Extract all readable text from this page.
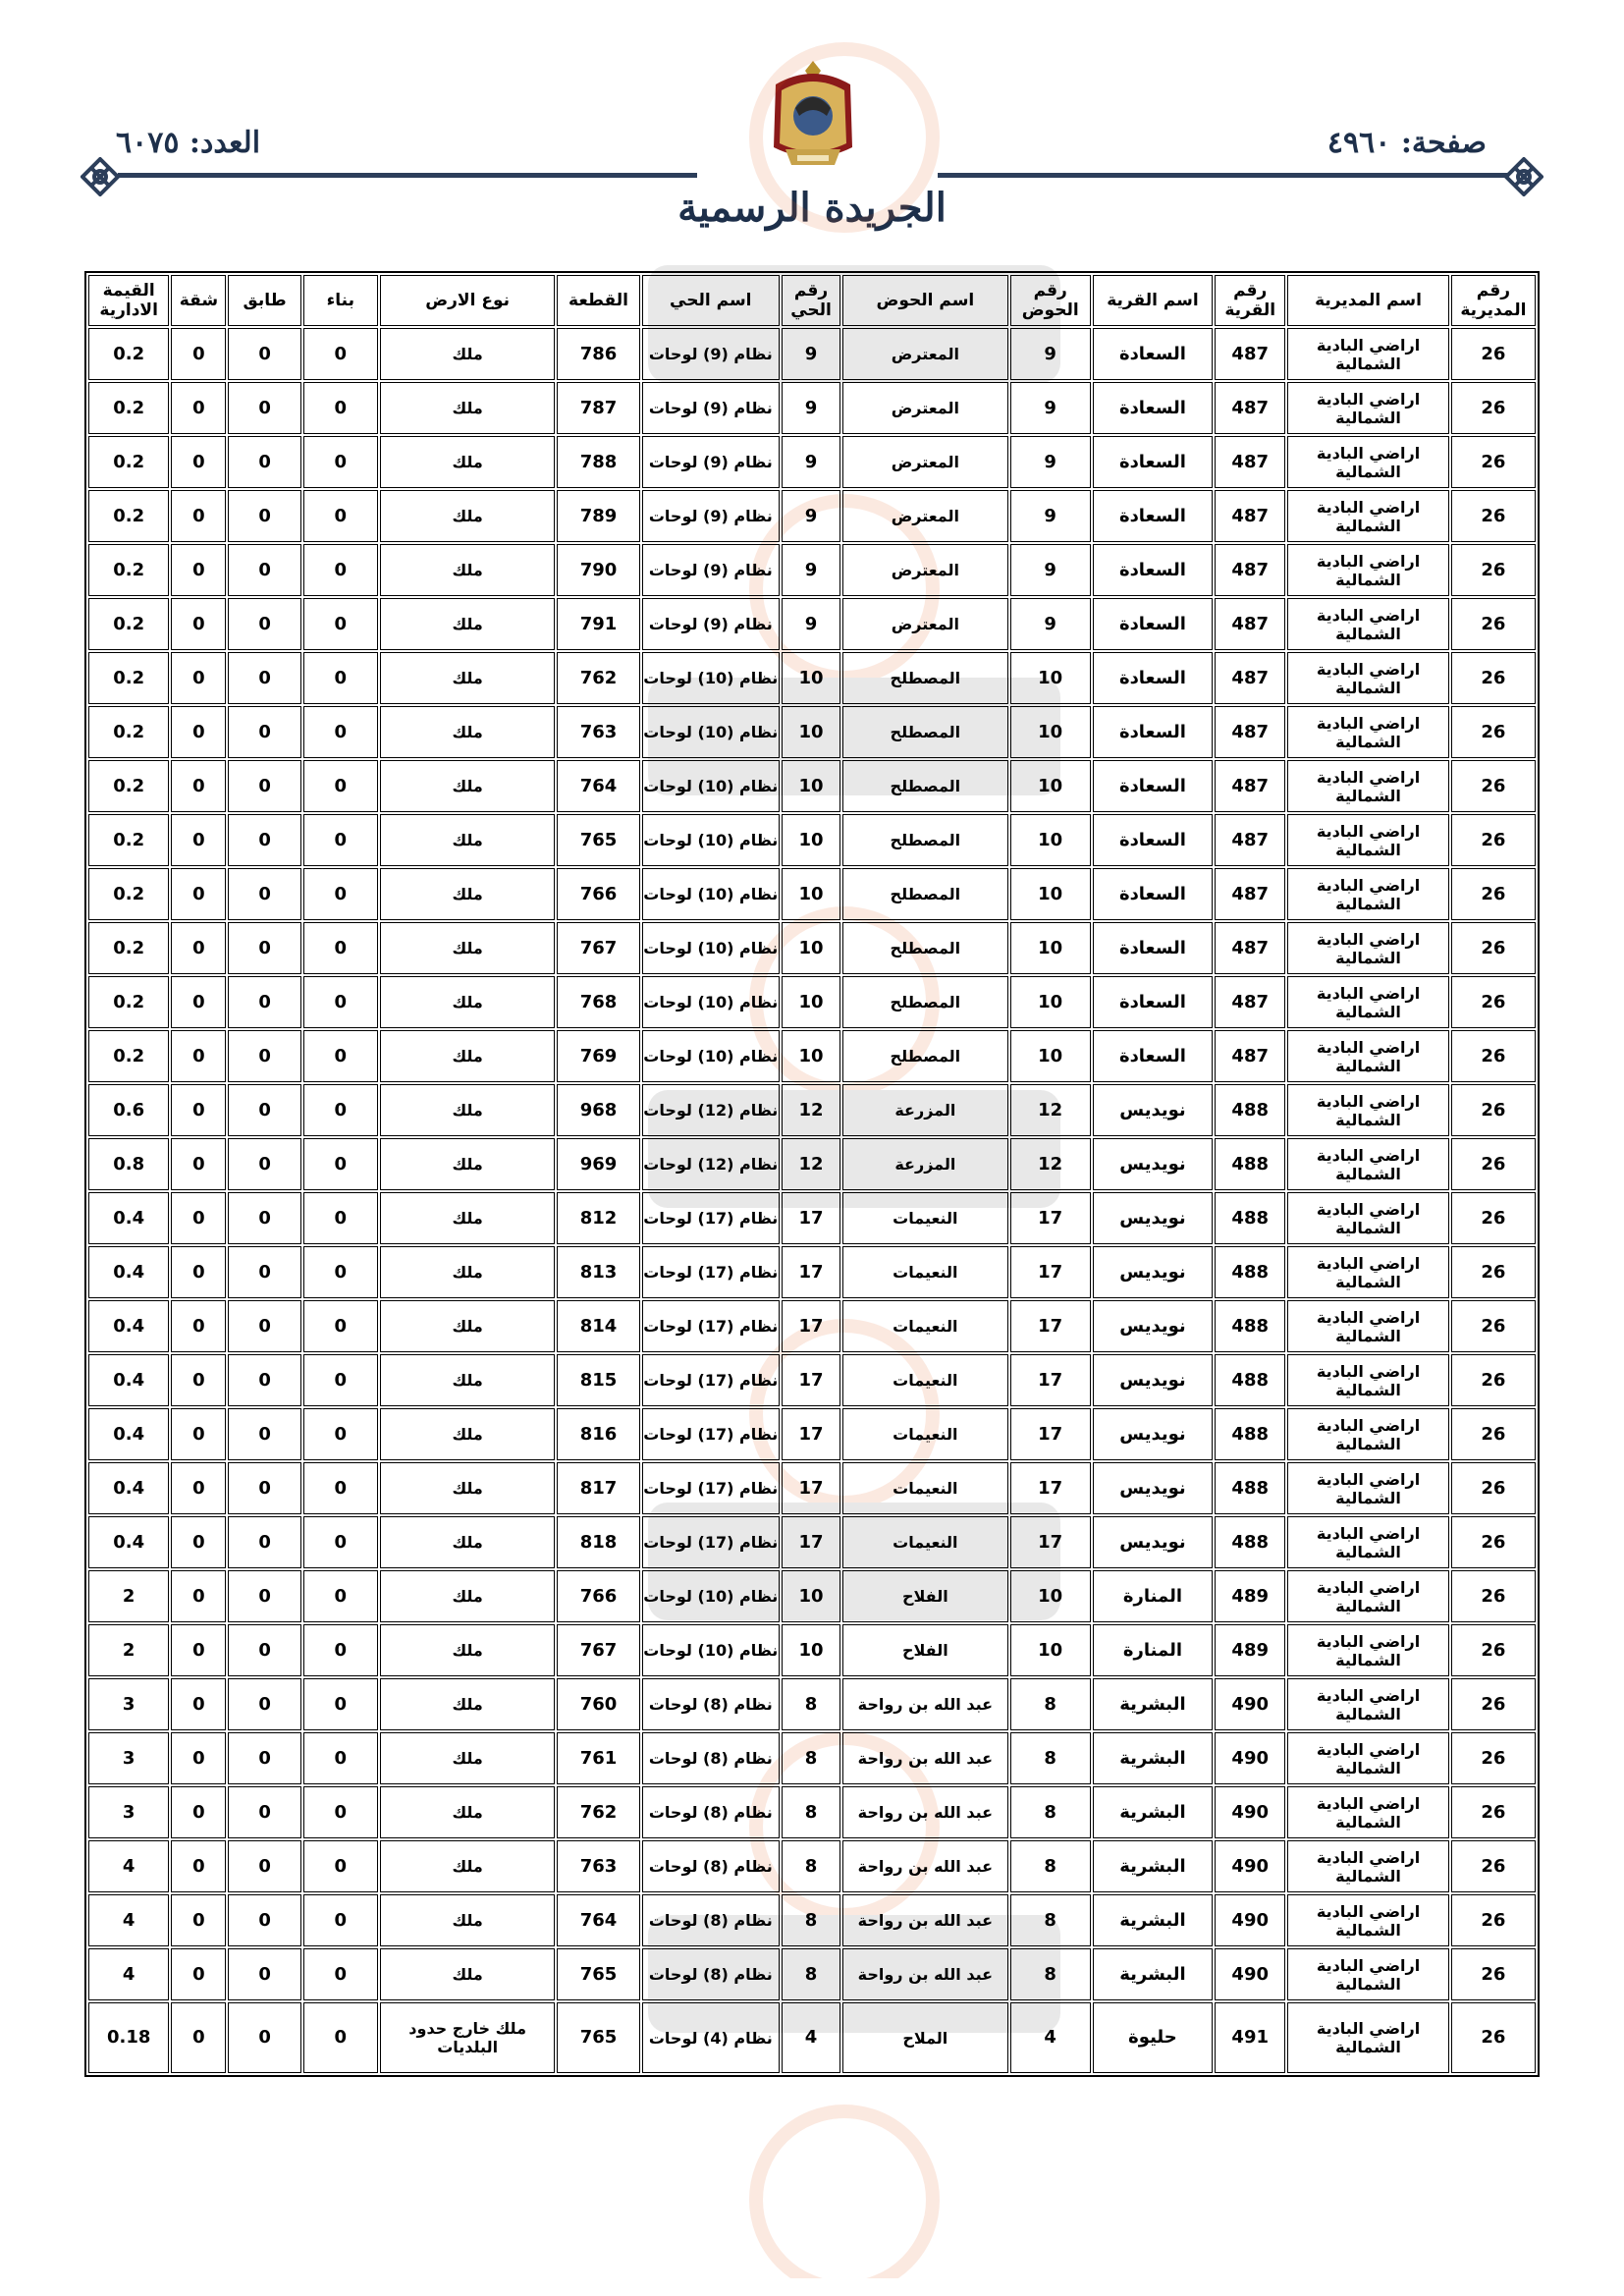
صفحة: ٤٩٦٠
العدد: ٦٠٧٥
الجريدة الرسمية
رقم المديرية	اسم المديرية	رقم القرية	اسم القرية	رقم الحوض	اسم الحوض	رقم الحي	اسم الحي	القطعة	نوع الارض	بناء	طابق	شقة	القيمة الادارية
26	اراضي البادية الشمالية	487	السعادة	9	المعترض	9	نظام (9) لوحات	786	ملك	0	0	0	0.2
26	اراضي البادية الشمالية	487	السعادة	9	المعترض	9	نظام (9) لوحات	787	ملك	0	0	0	0.2
26	اراضي البادية الشمالية	487	السعادة	9	المعترض	9	نظام (9) لوحات	788	ملك	0	0	0	0.2
26	اراضي البادية الشمالية	487	السعادة	9	المعترض	9	نظام (9) لوحات	789	ملك	0	0	0	0.2
26	اراضي البادية الشمالية	487	السعادة	9	المعترض	9	نظام (9) لوحات	790	ملك	0	0	0	0.2
26	اراضي البادية الشمالية	487	السعادة	9	المعترض	9	نظام (9) لوحات	791	ملك	0	0	0	0.2
26	اراضي البادية الشمالية	487	السعادة	10	المصطلح	10	نظام (10) لوحات	762	ملك	0	0	0	0.2
26	اراضي البادية الشمالية	487	السعادة	10	المصطلح	10	نظام (10) لوحات	763	ملك	0	0	0	0.2
26	اراضي البادية الشمالية	487	السعادة	10	المصطلح	10	نظام (10) لوحات	764	ملك	0	0	0	0.2
26	اراضي البادية الشمالية	487	السعادة	10	المصطلح	10	نظام (10) لوحات	765	ملك	0	0	0	0.2
26	اراضي البادية الشمالية	487	السعادة	10	المصطلح	10	نظام (10) لوحات	766	ملك	0	0	0	0.2
26	اراضي البادية الشمالية	487	السعادة	10	المصطلح	10	نظام (10) لوحات	767	ملك	0	0	0	0.2
26	اراضي البادية الشمالية	487	السعادة	10	المصطلح	10	نظام (10) لوحات	768	ملك	0	0	0	0.2
26	اراضي البادية الشمالية	487	السعادة	10	المصطلح	10	نظام (10) لوحات	769	ملك	0	0	0	0.2
26	اراضي البادية الشمالية	488	نويديس	12	المزرعة	12	نظام (12) لوحات	968	ملك	0	0	0	0.6
26	اراضي البادية الشمالية	488	نويديس	12	المزرعة	12	نظام (12) لوحات	969	ملك	0	0	0	0.8
26	اراضي البادية الشمالية	488	نويديس	17	النعيمات	17	نظام (17) لوحات	812	ملك	0	0	0	0.4
26	اراضي البادية الشمالية	488	نويديس	17	النعيمات	17	نظام (17) لوحات	813	ملك	0	0	0	0.4
26	اراضي البادية الشمالية	488	نويديس	17	النعيمات	17	نظام (17) لوحات	814	ملك	0	0	0	0.4
26	اراضي البادية الشمالية	488	نويديس	17	النعيمات	17	نظام (17) لوحات	815	ملك	0	0	0	0.4
26	اراضي البادية الشمالية	488	نويديس	17	النعيمات	17	نظام (17) لوحات	816	ملك	0	0	0	0.4
26	اراضي البادية الشمالية	488	نويديس	17	النعيمات	17	نظام (17) لوحات	817	ملك	0	0	0	0.4
26	اراضي البادية الشمالية	488	نويديس	17	النعيمات	17	نظام (17) لوحات	818	ملك	0	0	0	0.4
26	اراضي البادية الشمالية	489	المنارة	10	الفلاح	10	نظام (10) لوحات	766	ملك	0	0	0	2
26	اراضي البادية الشمالية	489	المنارة	10	الفلاح	10	نظام (10) لوحات	767	ملك	0	0	0	2
26	اراضي البادية الشمالية	490	البشرية	8	عبد الله بن رواحة	8	نظام (8) لوحات	760	ملك	0	0	0	3
26	اراضي البادية الشمالية	490	البشرية	8	عبد الله بن رواحة	8	نظام (8) لوحات	761	ملك	0	0	0	3
26	اراضي البادية الشمالية	490	البشرية	8	عبد الله بن رواحة	8	نظام (8) لوحات	762	ملك	0	0	0	3
26	اراضي البادية الشمالية	490	البشرية	8	عبد الله بن رواحة	8	نظام (8) لوحات	763	ملك	0	0	0	4
26	اراضي البادية الشمالية	490	البشرية	8	عبد الله بن رواحة	8	نظام (8) لوحات	764	ملك	0	0	0	4
26	اراضي البادية الشمالية	490	البشرية	8	عبد الله بن رواحة	8	نظام (8) لوحات	765	ملك	0	0	0	4
26	اراضي البادية الشمالية	491	حليوة	4	الملاح	4	نظام (4) لوحات	765	ملك خارج حدود البلديات	0	0	0	0.18
